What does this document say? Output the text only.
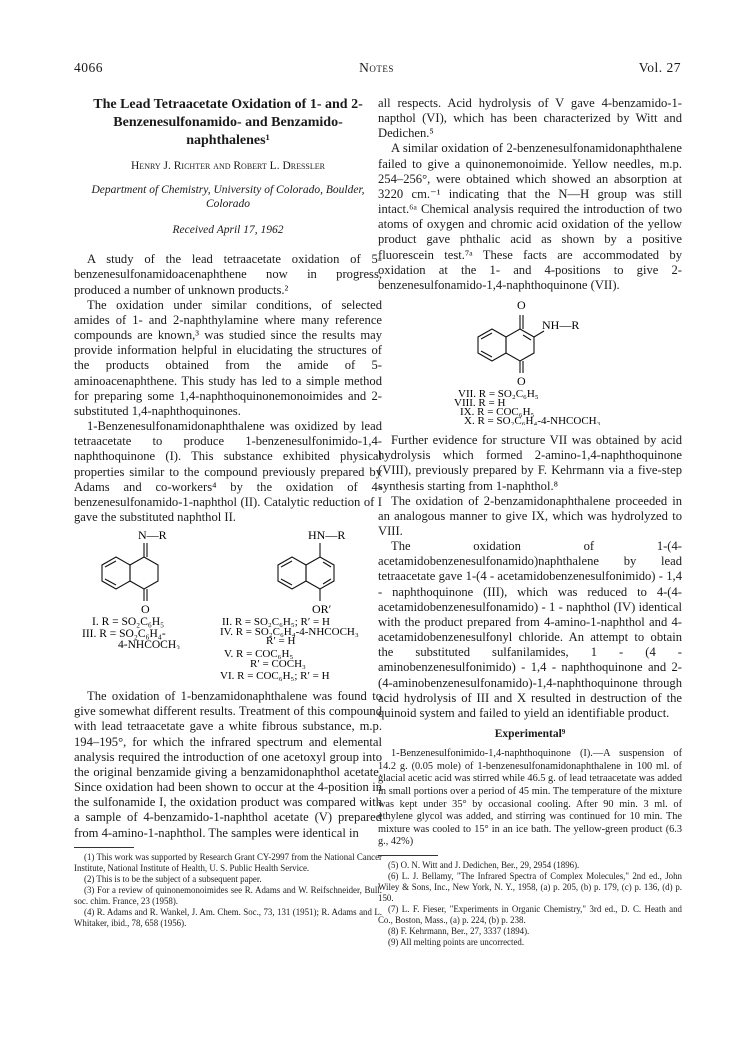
4066	Notes	Vol. 27
The Lead Tetraacetate Oxidation of 1- and 2-Benzenesulfonamido- and Benzamido-naphthalenes¹
Henry J. Richter and Robert L. Dressler
Department of Chemistry, University of Colorado, Boulder, Colorado
Received April 17, 1962

A study of the lead tetraacetate oxidation of 5-benzenesulfonamidoacenaphthene now in progress, produced a number of unknown products.²

The oxidation under similar conditions, of selected amides of 1- and 2-naphthylamine where many reference compounds are known,³ was studied since the results may provide information helpful in elucidating the structures of the products obtained from the amide of 5-aminoacenaphthene. This study has led to a simple method for preparing some 1,4-naphthoquinonemonoimides and 2-substituted 1,4-naphthoquinones.

1-Benzenesulfonamidonaphthalene was oxidized by lead tetraacetate to produce 1-benzenesulfonimido-1,4-naphthoquinone (I). This substance exhibited physical properties similar to the compound previously prepared by Adams and co-workers⁴ by the oxidation of 4-benzenesulfonamido-1-naphthol (II). Catalytic reduction of I gave the substituted naphthol II.

N—R
O
I. R = SO₂C₆H₅
III. R = SO₂C₆H₄-
4-NHCOCH₃
HN—R
OR′
II. R = SO₂C₆H₅; R′ = H
IV. R = SO₂C₆H₄-4-NHCOCH₃
R′ = H
V. R = COC₆H₅
R′ = COCH₃
VI. R = COC₆H₅; R′ = H

The oxidation of 1-benzamidonaphthalene was found to give somewhat different results. Treatment of this compound with lead tetraacetate gave a white fibrous substance, m.p. 194–195°, for which the infrared spectrum and elemental analysis required the introduction of one acetoxyl group into the original benzamide giving a benzamidonaphthol acetate. Since oxidation had been shown to occur at the 4-position in the sulfonamide I, the oxidation product was compared with a sample of 4-benzamido-1-naphthol acetate (V) prepared from 4-amino-1-naphthol. The samples were identical in

(1) This work was supported by Research Grant CY-2997 from the National Cancer Institute, National Institute of Health, U. S. Public Health Service.

(2) This is to be the subject of a subsequent paper.

(3) For a review of quinonemonoimides see R. Adams and W. Reifschneider, Bull. soc. chim. France, 23 (1958).

(4) R. Adams and R. Wankel, J. Am. Chem. Soc., 73, 131 (1951); R. Adams and L. Whitaker, ibid., 78, 658 (1956).

all respects. Acid hydrolysis of V gave 4-benzamido-1-napthol (VI), which has been characterized by Witt and Dedichen.⁵

A similar oxidation of 2-benzenesulfonamidonaphthalene failed to give a quinonemonoimide. Yellow needles, m.p. 254–256°, were obtained which showed an absorption at 3220 cm.⁻¹ indicating that the N—H group was still intact.⁶ᵃ Chemical analysis required the introduction of two atoms of oxygen and chromic acid oxidation of the yellow product gave phthalic acid as shown by a positive fluorescein test.⁷ᵃ These facts are accommodated by oxidation at the 1- and 4-positions to give 2-benzenesulfonamido-1,4-naphthoquinone (VII).

O
NH—R
O
VII. R = SO₂C₆H₅
VIII. R = H
IX. R = COC₆H₅
X. R = SO₂C₆H₄-4-NHCOCH₃

Further evidence for structure VII was obtained by acid hydrolysis which formed 2-amino-1,4-naphthoquinone (VIII), previously prepared by F. Kehrmann via a five-step synthesis starting from 1-naphthol.⁸

The oxidation of 2-benzamidonaphthalene proceeded in an analogous manner to give IX, which was hydrolyzed to VIII.

The oxidation of 1-(4-acetamidobenzenesulfonamido)naphthalene by lead tetraacetate gave 1-(4 - acetamidobenzenesulfonimido) - 1,4 - naphthoquinone (III), which was reduced to 4-(4-acetamidobenzenesulfonamido) - 1 - naphthol (IV) identical with the product prepared from 4-amino-1-naphthol and 4-acetamidobenzenesulfonyl chloride. An attempt to obtain the substituted sulfanilamides, 1 - (4 - aminobenzenesulfonimido) - 1,4 - naphthoquinone and 2-(4-aminobenzenesulfonamido)-1,4-naphthoquinone through acid hydrolysis of III and X resulted in destruction of the quinoid system and failed to yield an identifiable product.

Experimental⁹

1-Benzenesulfonimido-1,4-naphthoquinone (I).—A suspension of 14.2 g. (0.05 mole) of 1-benzenesulfonamidonaphthalene in 100 ml. of glacial acetic acid was stirred while 46.5 g. of lead tetraacetate was added in small portions over a period of 45 min. The temperature of the mixture was kept under 35° by occasional cooling. After 90 min. 3 ml. of ethylene glycol was added, and stirring was continued for 10 min. The mixture was cooled to 15° in an ice bath. The yellow-green product (6.3 g., 42%)

(5) O. N. Witt and J. Dedichen, Ber., 29, 2954 (1896).

(6) L. J. Bellamy, "The Infrared Spectra of Complex Molecules," 2nd ed., John Wiley & Sons, Inc., New York, N. Y., 1958, (a) p. 205, (b) p. 179, (c) p. 136, (d) p. 150.

(7) L. F. Fieser, "Experiments in Organic Chemistry," 3rd ed., D. C. Heath and Co., Boston, Mass., (a) p. 224, (b) p. 238.

(8) F. Kehrmann, Ber., 27, 3337 (1894).

(9) All melting points are uncorrected.
